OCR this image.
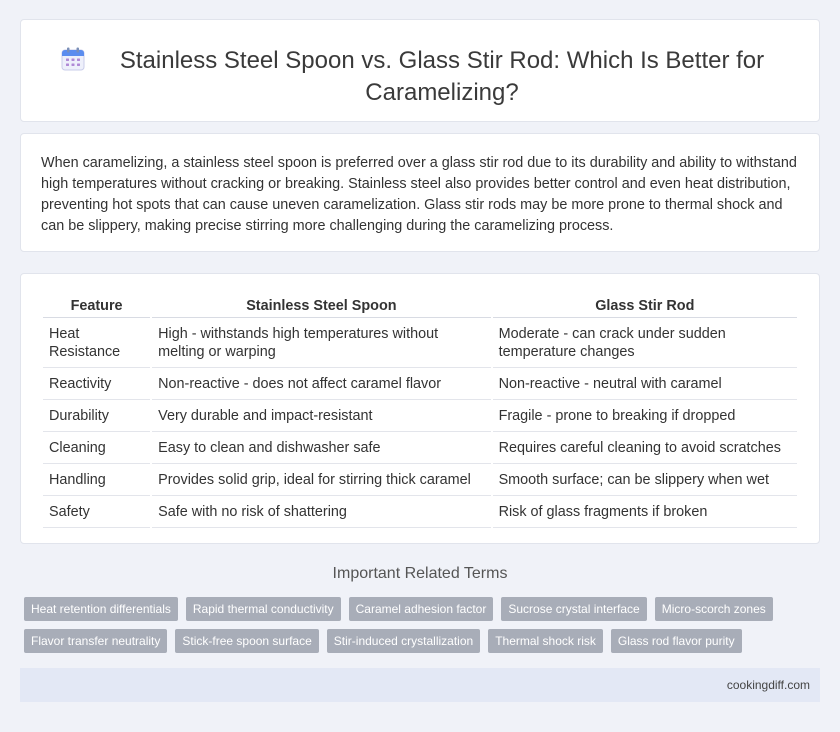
Stainless Steel Spoon vs. Glass Stir Rod: Which Is Better for Caramelizing?

When caramelizing, a stainless steel spoon is preferred over a glass stir rod due to its durability and ability to withstand high temperatures without cracking or breaking. Stainless steel also provides better control and even heat distribution, preventing hot spots that can cause uneven caramelization. Glass stir rods may be more prone to thermal shock and can be slippery, making precise stirring more challenging during the caramelizing process.

Feature	Stainless Steel Spoon	Glass Stir Rod
Heat Resistance	High - withstands high temperatures without melting or warping	Moderate - can crack under sudden temperature changes
Reactivity	Non-reactive - does not affect caramel flavor	Non-reactive - neutral with caramel
Durability	Very durable and impact-resistant	Fragile - prone to breaking if dropped
Cleaning	Easy to clean and dishwasher safe	Requires careful cleaning to avoid scratches
Handling	Provides solid grip, ideal for stirring thick caramel	Smooth surface; can be slippery when wet
Safety	Safe with no risk of shattering	Risk of glass fragments if broken
Important Related Terms
Heat retention differentials	Rapid thermal conductivity	Caramel adhesion factor	Sucrose crystal interface	Micro-scorch zones
Flavor transfer neutrality	Stick-free spoon surface	Stir-induced crystallization	Thermal shock risk	Glass rod flavor purity
cookingdiff.com
